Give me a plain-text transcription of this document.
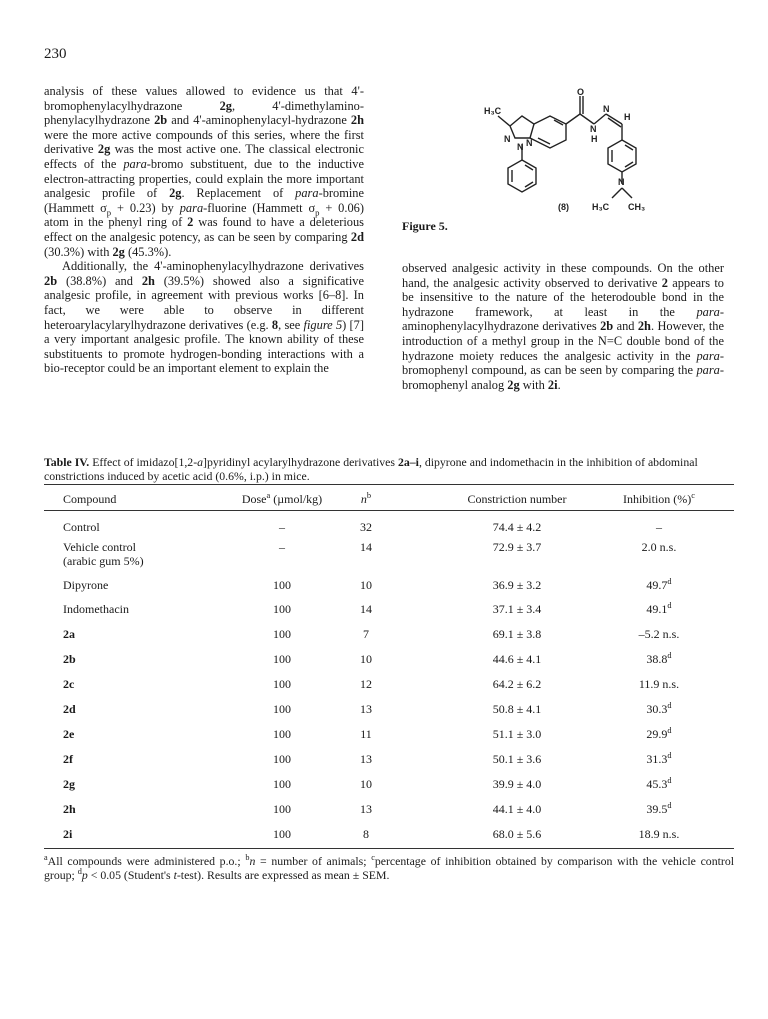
230

analysis of these values allowed to evidence us that 4'-bromophenylacylhydrazone 2g, 4'-dimethylamino-phenylacylhydrazone 2b and 4'-aminophenylacyl-hydrazone 2h were the more active compounds of this series, where the first derivative 2g was the most active one. The classical electronic effects of the para-bromo substituent, due to the inductive electron-attracting properties, could explain the more important analgesic profile of 2g. Replacement of para-bromine (Hammett $\sigma_p + 0.23$) by para-fluorine (Hammett $\sigma_p + 0.06$) atom in the phenyl ring of 2 was found to have a deleterious effect on the analgesic potency, as can be seen by comparing 2d (30.3%) with 2g (45.3%).

Additionally, the 4'-aminophenylacylhydrazone derivatives 2b (38.8%) and 2h (39.5%) showed also a significative analgesic profile, in agreement with previous works [6–8]. In fact, we were able to observe in different heteroarylacylarylhydrazone derivatives (e.g. 8, see figure 5) [7] a very important analgesic profile. The known ability of these substituents to promote hydrogen-bonding interactions with a bio-receptor could be an important element to explain the

H₃C
O
N N
N
N
H
N
H
N
H₃C CH₃
(8)
Figure 5.
observed analgesic activity in these compounds. On the other hand, the analgesic activity observed to derivative 2 appears to be insensitive to the nature of the heterodouble bond in the hydrazone framework, at least in the para-aminophenylacylhydrazone derivatives 2b and 2h. However, the introduction of a methyl group in the N=C double bond of the hydrazone moiety reduces the analgesic activity in the para-bromophenyl compound, as can be seen by comparing the para-bromophenyl analog 2g with 2i.
Table IV. Effect of imidazo[1,2-a]pyridinyl acylarylhydrazone derivatives 2a–i, dipyrone and indomethacin in the inhibition of abdominal constrictions induced by acetic acid (0.6%, i.p.) in mice.
Compound	Dose$^a$ (µmol/kg)	$n^b$	Constriction number	Inhibition (%)$^c$
Control	–	32	74.4 ± 4.2	–
Vehicle control
(arabic gum 5%)
–	14	72.9 ± 3.7	2.0 n.s.
Dipyrone	100	10	36.9 ± 3.2	49.7$^d$
Indomethacin	100	14	37.1 ± 3.4	49.1$^d$
2a	100	7	69.1 ± 3.8	–5.2 n.s.
2b	100	10	44.6 ± 4.1	38.8$^d$
2c	100	12	64.2 ± 6.2	11.9 n.s.
2d	100	13	50.8 ± 4.1	30.3$^d$
2e	100	11	51.1 ± 3.0	29.9$^d$
2f	100	13	50.1 ± 3.6	31.3$^d$
2g	100	10	39.9 ± 4.0	45.3$^d$
2h	100	13	44.1 ± 4.0	39.5$^d$
2i	100	8	68.0 ± 5.6	18.9 n.s.
$^a$All compounds were administered p.o.; $^b$n = number of animals; $^c$percentage of inhibition obtained by comparison with the vehicle control group; $^d$p < 0.05 (Student's t-test). Results are expressed as mean ± SEM.
